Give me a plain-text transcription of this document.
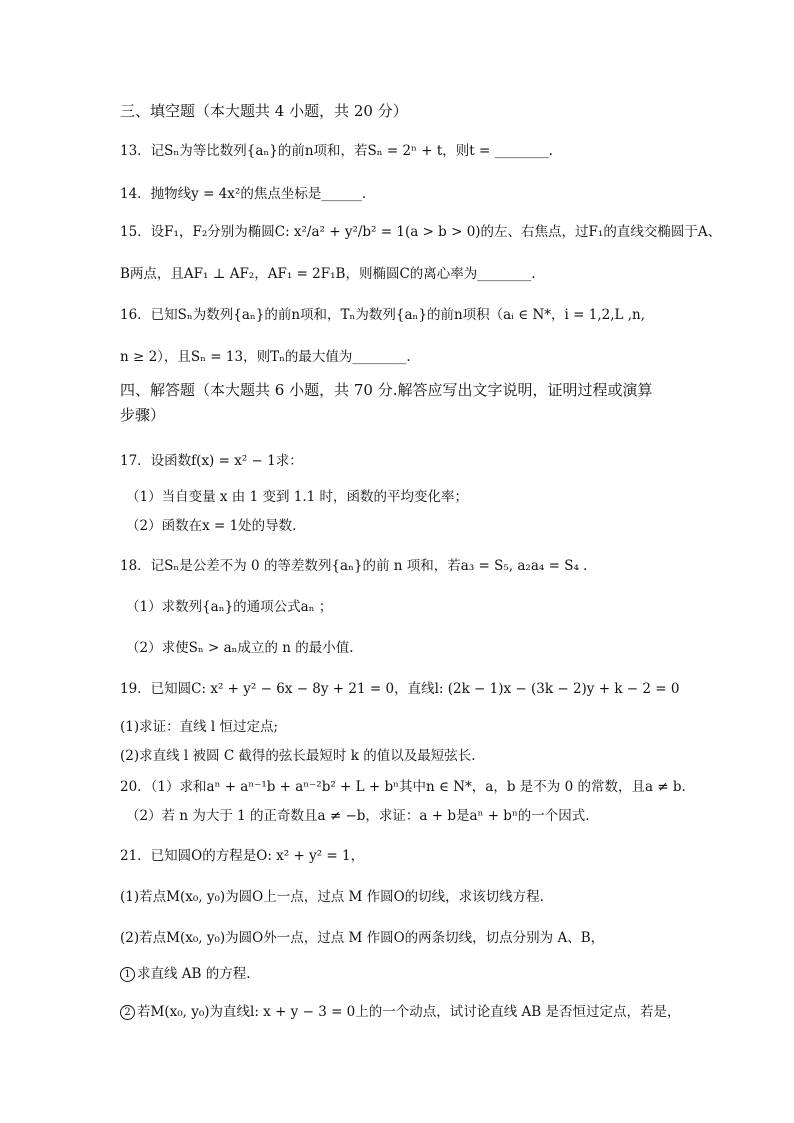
三、填空题（本大题共 4 小题，共 20 分）
13．记Sₙ为等比数列{aₙ}的前n项和，若Sₙ = 2ⁿ + t，则t = ________.
14．抛物线y = 4x²的焦点坐标是______.
15．设F₁，F₂分别为椭圆C: x²/a² + y²/b² = 1(a > b > 0)的左、右焦点，过F₁的直线交椭圆于A、
B两点，且AF₁ ⊥ AF₂，AF₁ = 2F₁B，则椭圆C的离心率为________.
16．已知Sₙ为数列{aₙ}的前n项和，Tₙ为数列{aₙ}的前n项积（aᵢ ∈ N*，i = 1,2,L ,n,
n ≥ 2），且Sₙ = 13，则Tₙ的最大值为________.
四、解答题（本大题共 6 小题，共 70 分.解答应写出文字说明，证明过程或演算步骤）
17．设函数f(x) = x² − 1求：
（1）当自变量 x 由 1 变到 1.1 时，函数的平均变化率；
（2）函数在x = 1处的导数.
18．记Sₙ是公差不为 0 的等差数列{aₙ}的前 n 项和，若a₃ = S₅, a₂a₄ = S₄ .
（1）求数列{aₙ}的通项公式aₙ ；
（2）求使Sₙ > aₙ成立的 n 的最小值.
19．已知圆C: x² + y² − 6x − 8y + 21 = 0，直线l: (2k − 1)x − (3k − 2)y + k − 2 = 0
(1)求证：直线 l 恒过定点;
(2)求直线 l 被圆 C 截得的弦长最短时 k 的值以及最短弦长.
20．（1）求和aⁿ + aⁿ⁻¹b + aⁿ⁻²b² + L + bⁿ其中n ∈ N*，a，b 是不为 0 的常数，且a ≠ b.
（2）若 n 为大于 1 的正奇数且a ≠ −b，求证：a + b是aⁿ + bⁿ的一个因式.
21．已知圆O的方程是O: x² + y² = 1，
(1)若点M(x₀, y₀)为圆O上一点，过点 M 作圆O的切线，求该切线方程.
(2)若点M(x₀, y₀)为圆O外一点，过点 M 作圆O的两条切线，切点分别为 A、B，
1 求直线 AB 的方程.
2 若M(x₀, y₀)为直线l: x + y − 3 = 0上的一个动点，试讨论直线 AB 是否恒过定点，若是，
